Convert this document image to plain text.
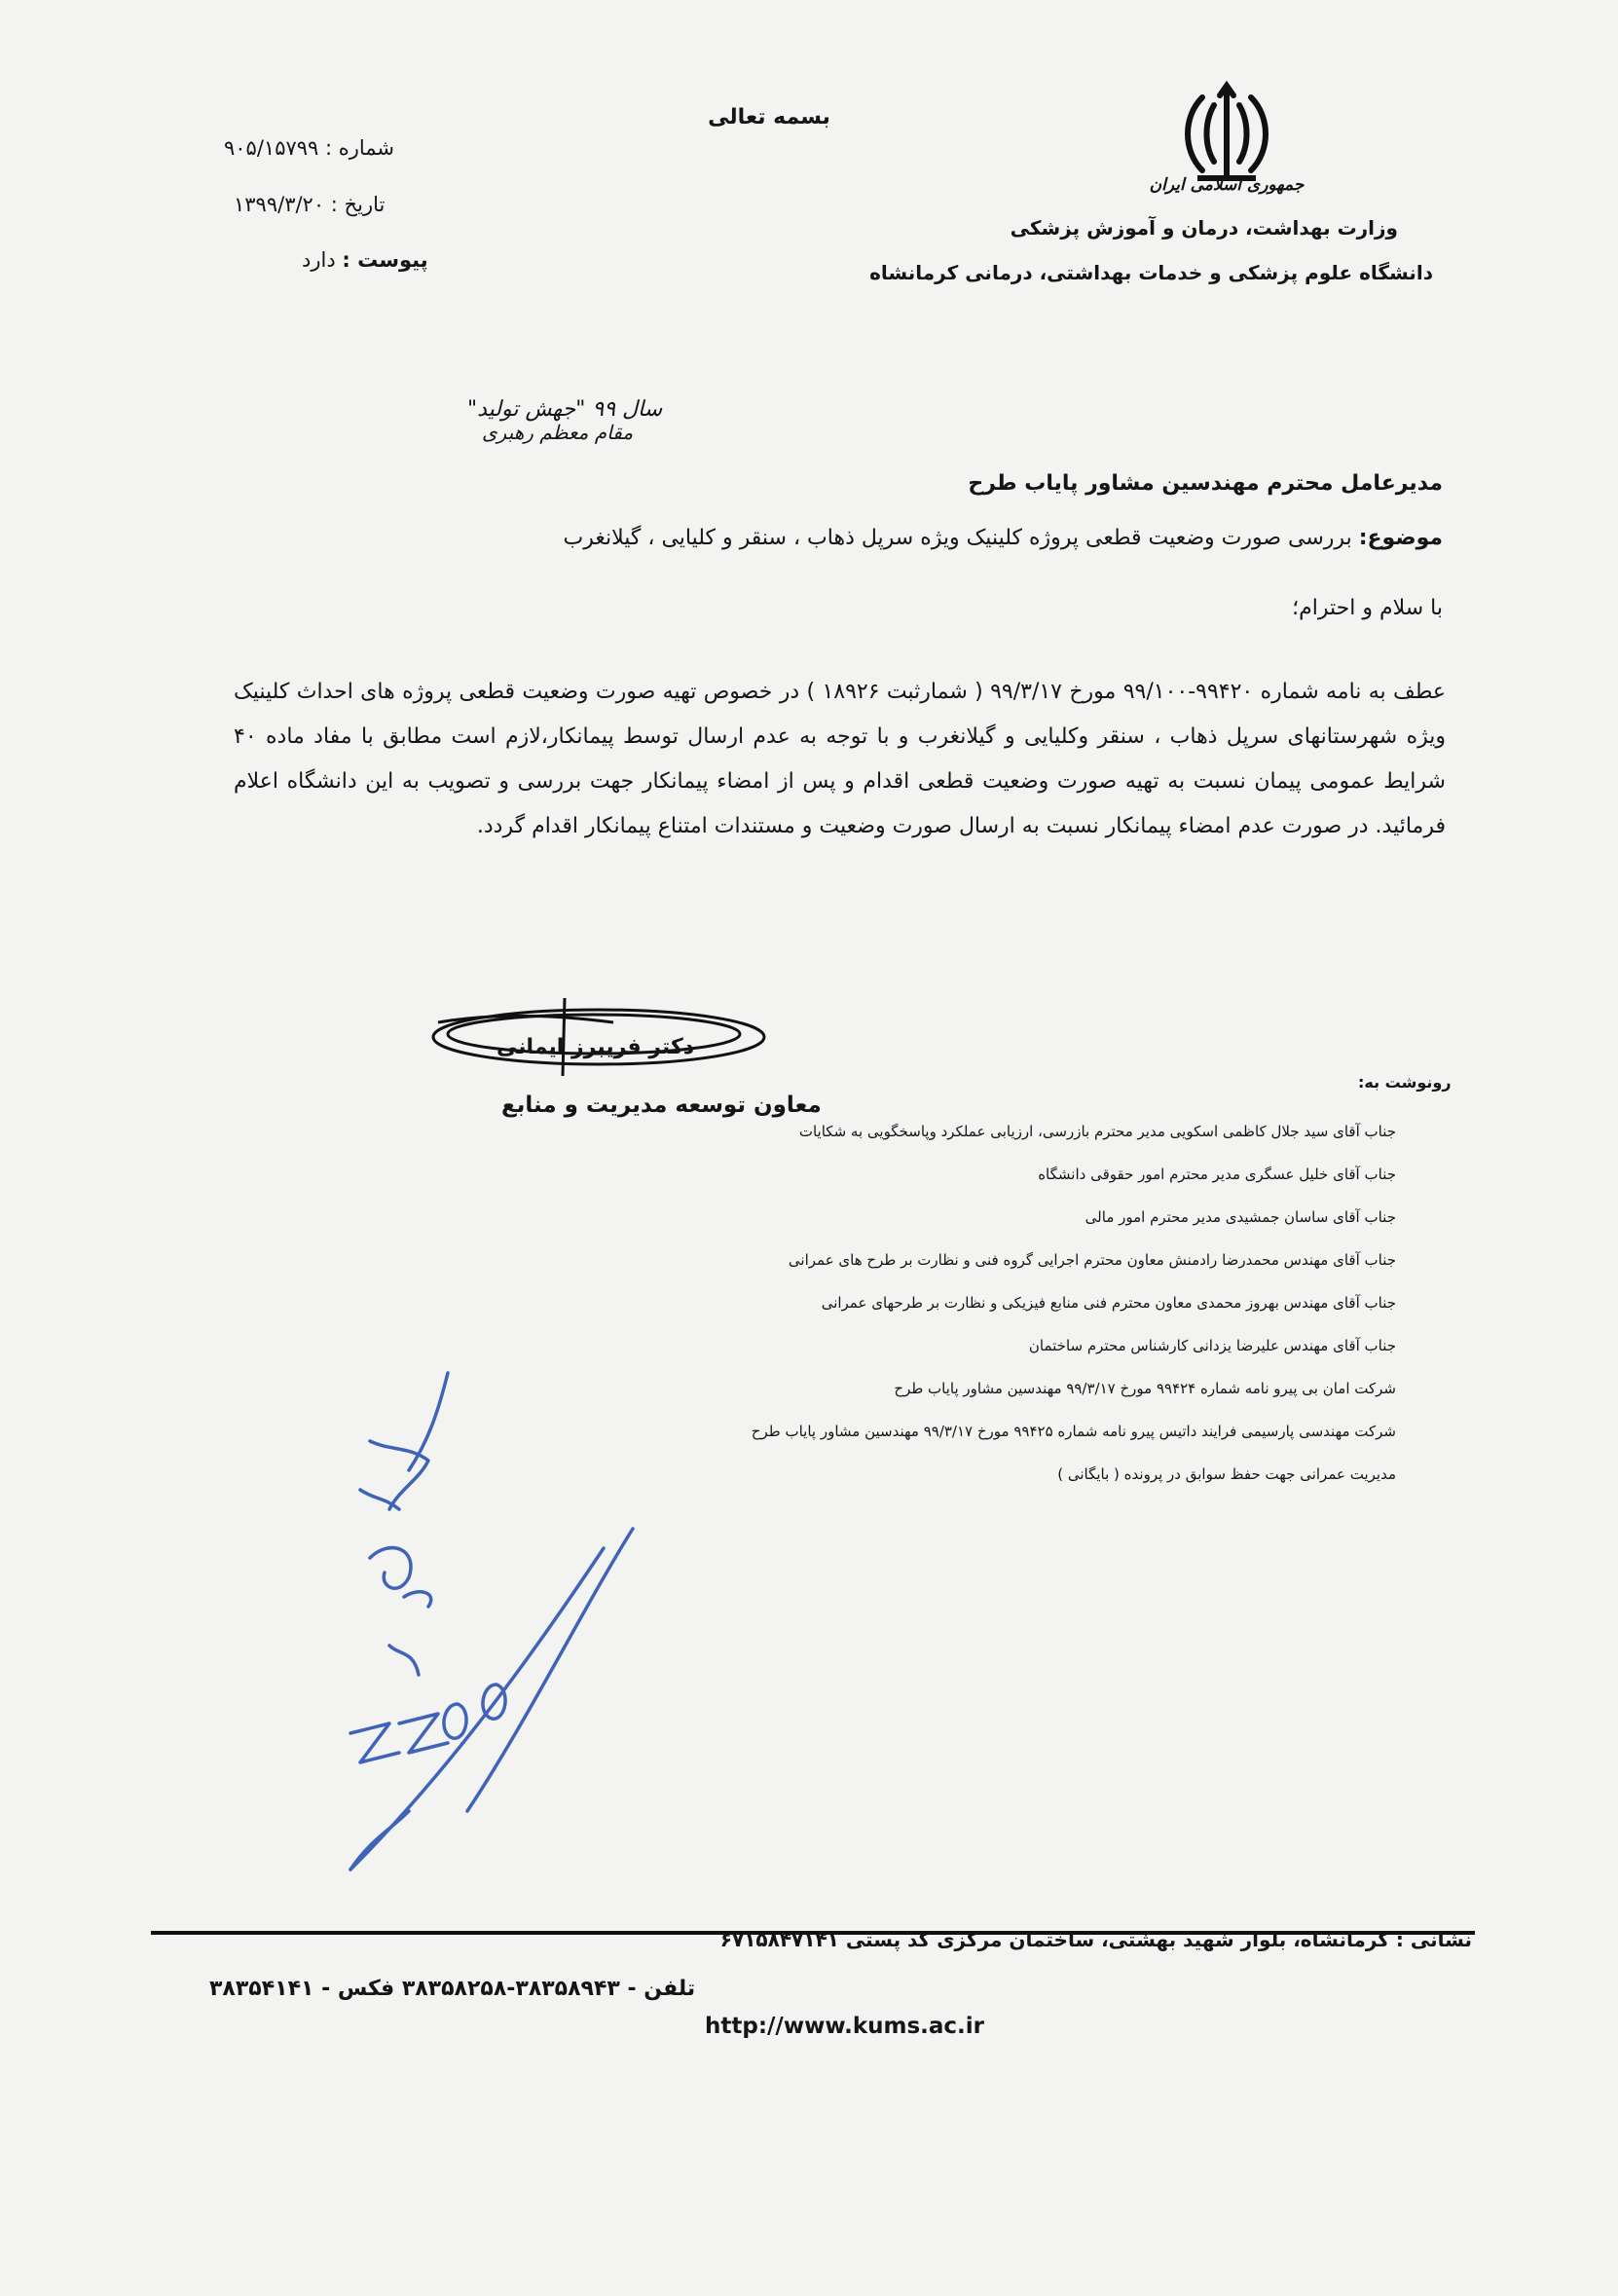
بسمه تعالی
جمهوری اسلامی ایران
وزارت بهداشت، درمان و آموزش پزشکی
دانشگاه علوم پزشکی و خدمات بهداشتی، درمانی کرمانشاه
شماره : ۹۰۵/۱۵۷۹۹
تاریخ : ۱۳۹۹/۳/۲۰
پیوست : دارد
سال ۹۹ "جهش تولید"
مقام معظم رهبری
مدیرعامل محترم مهندسین مشاور پایاب طرح
موضوع: بررسی صورت وضعیت قطعی پروژه کلینیک ویژه سرپل ذهاب ، سنقر و کلیایی ، گیلانغرب
با سلام و احترام؛
عطف به نامه شماره ۹۹۴۲۰-۹۹/۱۰۰ مورخ ۹۹/۳/۱۷ ( شمارثبت ۱۸۹۲۶ ) در خصوص تهیه صورت وضعیت قطعی پروژه های احداث کلینیک ویژه شهرستانهای سرپل ذهاب ، سنقر وکلیایی و گیلانغرب و با توجه به عدم ارسال توسط پیمانکار،لازم است مطابق با مفاد ماده ۴۰ شرایط عمومی پیمان نسبت به تهیه صورت وضعیت قطعی اقدام و پس از امضاء پیمانکار جهت بررسی و تصویب به این دانشگاه اعلام فرمائید. در صورت عدم امضاء پیمانکار نسبت به ارسال صورت وضعیت و مستندات امتناع پیمانکار اقدام گردد.
دکتر فریبرز ایمانی
معاون توسعه مدیریت و منابع
رونوشت به:
جناب آقای سید جلال کاظمی اسکویی مدیر محترم بازرسی، ارزیابی عملکرد وپاسخگویی به شکایات
جناب آقای خلیل عسگری مدیر محترم امور حقوقی دانشگاه
جناب آقای ساسان جمشیدی مدیر محترم امور مالی
جناب آقای مهندس محمدرضا رادمنش معاون محترم اجرایی گروه فنی و نظارت بر طرح های عمرانی
جناب آقای مهندس بهروز محمدی معاون محترم فنی منابع فیزیکی و نظارت بر طرحهای عمرانی
جناب آقای مهندس علیرضا یزدانی کارشناس محترم ساختمان
شرکت امان بی پیرو نامه شماره ۹۹۴۲۴ مورخ ۹۹/۳/۱۷ مهندسین مشاور پایاب طرح
شرکت مهندسی پارسیمی فرایند داتیس پیرو نامه شماره ۹۹۴۲۵ مورخ ۹۹/۳/۱۷ مهندسین مشاور پایاب طرح
مدیریت عمرانی جهت حفظ سوابق در پرونده ( بایگانی )
نشانی : کرمانشاه، بلوار شهید بهشتی، ساختمان مرکزی کد پستی ۶۷۱۵۸۴۷۱۴۱
تلفن - ۳۸۳۵۸۹۴۳-۳۸۳۵۸۲۵۸ فکس - ۳۸۳۵۴۱۴۱
http://www.kums.ac.ir
